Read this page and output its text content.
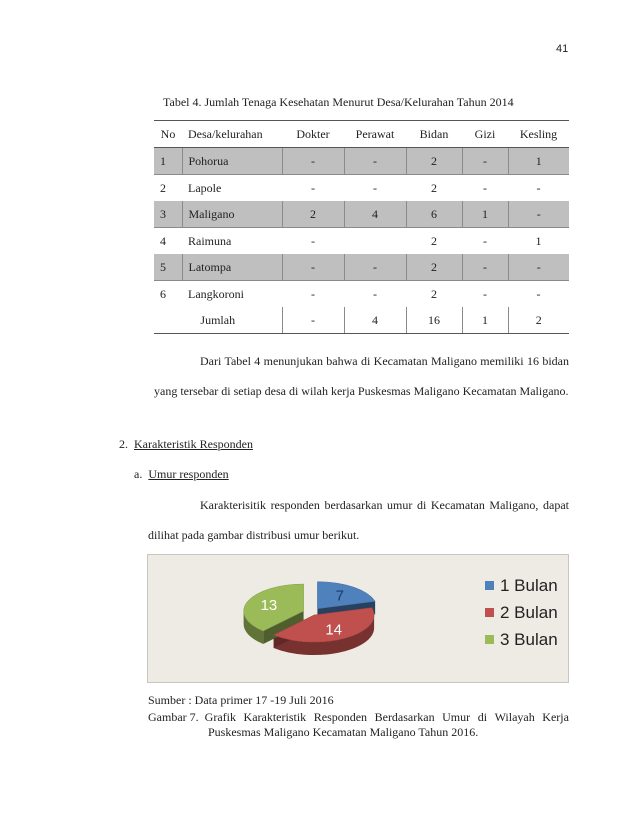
41
Tabel 4. Jumlah Tenaga Kesehatan Menurut Desa/Kelurahan Tahun 2014
No	Desa/kelurahan	Dokter	Perawat	Bidan	Gizi	Kesling
1	Pohorua	-	-	2	-	1
2	Lapole	-	-	2	-	-
3	Maligano	2	4	6	1	-
4	Raimuna	-		2	-	1
5	Latompa	-	-	2	-	-
6	Langkoroni	-	-	2	-	-
Jumlah		-	4	16	1	2
Dari Tabel 4 menunjukan bahwa di Kecamatan Maligano memiliki 16 bidan yang tersebar di setiap desa di wilah kerja Puskesmas Maligano Kecamatan Maligano.
2. Karakteristik Responden
a. Umur responden
Karakterisitik responden berdasarkan umur di Kecamatan Maligano, dapat dilihat pada gambar distribusi umur berikut.
7
14
13
1 Bulan
2 Bulan
3 Bulan
Sumber : Data primer 17 -19 Juli 2016
Gambar 7. Grafik Karakteristik Responden Berdasarkan Umur di Wilayah Kerja
Puskesmas Maligano Kecamatan Maligano Tahun 2016.
